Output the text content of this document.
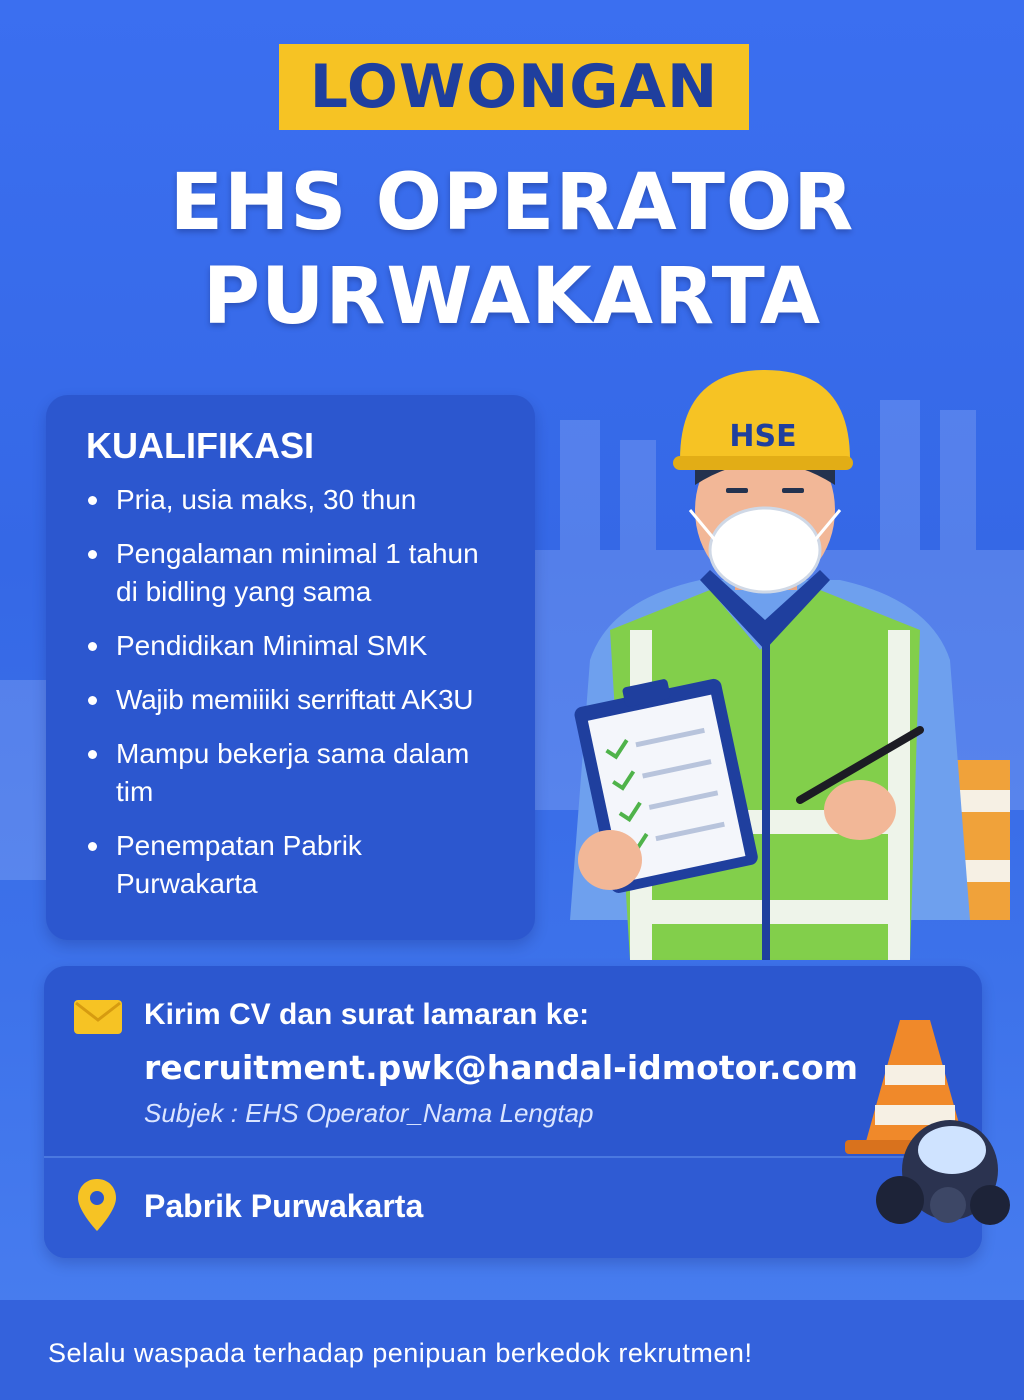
LOWONGAN
EHS OPERATOR
PURWAKARTA
KUALIFIKASI
Pria, usia maks, 30 thun
Pengalaman minimal 1 tahun di bidling yang sama
Pendidikan Minimal SMK
Wajib memiiiki serriftatt AK3U
Mampu bekerja sama dalam tim
Penempatan Pabrik Purwakarta
HSE
Kirim CV dan surat lamaran ke:
recruitment.pwk@handal-idmotor.com
Subjek : EHS Operator_Nama Lengtap
Pabrik Purwakarta
Selalu waspada terhadap penipuan berkedok rekrutmen!
